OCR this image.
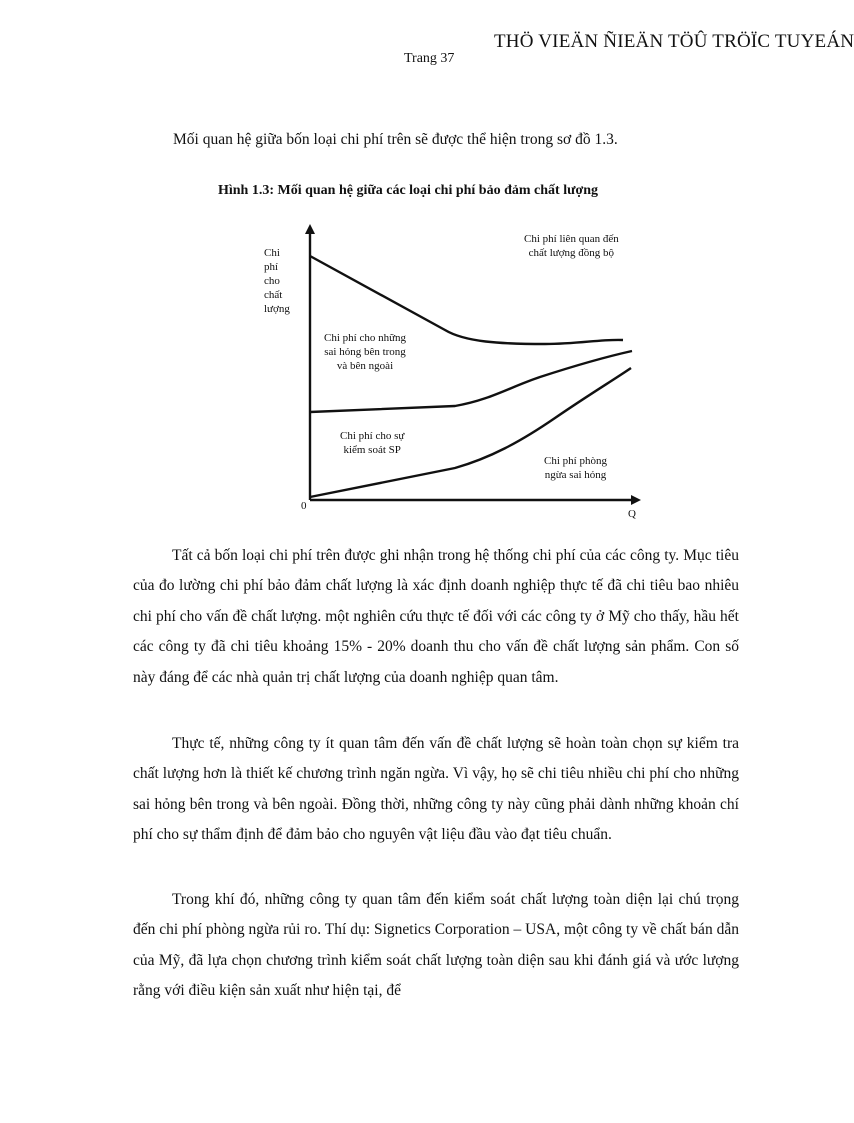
THÖ VIEÄN ÑIEÄN TÖÛ TRÖÏC TUYEÁN
Trang 37
Mối quan hệ giữa bốn loại chi phí trên sẽ được thể hiện trong sơ đồ 1.3.
Hình 1.3: Mối quan hệ giữa các loại chi phí bảo đảm chất lượng
Chi
phí
cho
chất
lượng
0
Q
Chi phí liên quan đến
chất lượng đồng bộ
Chi phí cho những
sai hỏng bên trong
và bên ngoài
Chi phí cho sự
kiểm soát SP
Chi phí phòng
ngừa sai hỏng

Tất cả bốn loại chi phí trên được ghi nhận trong hệ thống chi phí của các công ty. Mục tiêu của đo lường chi phí bảo đảm chất lượng là xác định doanh nghiệp thực tế đã chi tiêu bao nhiêu chi phí cho vấn đề chất lượng. một nghiên cứu thực tế đối với các công ty ở Mỹ cho thấy, hầu hết các công ty đã chi tiêu khoảng 15% - 20% doanh thu cho vấn đề chất lượng sản phẩm. Con số này đáng để các nhà quản trị chất lượng của doanh nghiệp quan tâm.

Thực tế, những công ty ít quan tâm đến vấn đề chất lượng sẽ hoàn toàn chọn sự kiểm tra chất lượng hơn là thiết kế chương trình ngăn ngừa. Vì vậy, họ sẽ chi tiêu nhiều chi phí cho những sai hỏng bên trong và bên ngoài. Đồng thời, những công ty này cũng phải dành những khoản chí phí cho sự thẩm định để đảm bảo cho nguyên vật liệu đầu vào đạt tiêu chuẩn.

Trong khí đó, những công ty quan tâm đến kiểm soát chất lượng toàn diện lại chú trọng đến chi phí phòng ngừa rủi ro. Thí dụ: Signetics Corporation – USA, một công ty về chất bán dẫn của Mỹ, đã lựa chọn chương trình kiểm soát chất lượng toàn diện sau khi đánh giá và ước lượng rằng với điều kiện sản xuất như hiện tại, để
